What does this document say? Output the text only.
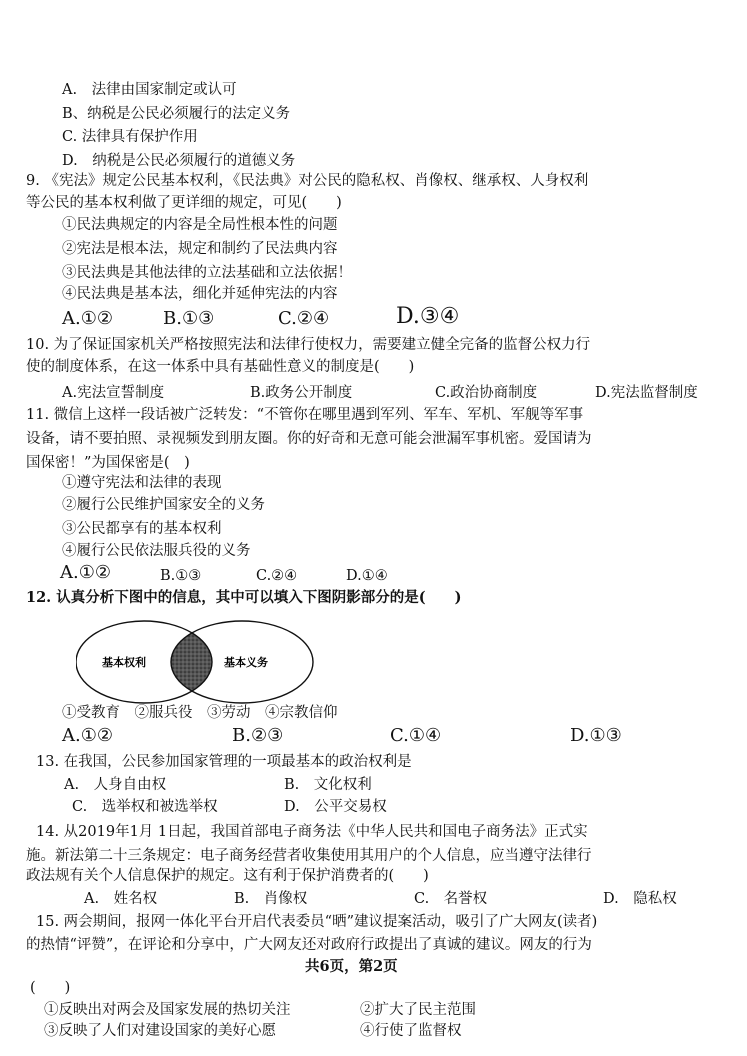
A.　法律由国家制定或认可
B、纳税是公民必须履行的法定义务
C. 法律具有保护作用
D.　纳税是公民必须履行的道德义务
9. 《宪法》规定公民基本权利，《民法典》对公民的隐私权、肖像权、继承权、人身权利
等公民的基本权利做了更详细的规定，可见(　　)
①民法典规定的内容是全局性根本性的问题
②宪法是根本法，规定和制约了民法典内容
③民法典是其他法律的立法基础和立法依据！
④民法典是基本法，细化并延伸宪法的内容
A.①②	B.①③	C.②④	D.③④
10. 为了保证国家机关严格按照宪法和法律行使权力，需要建立健全完备的监督公权力行
使的制度体系，在这一体系中具有基础性意义的制度是(　　)
A.宪法宣誓制度	B.政务公开制度	C.政治协商制度	D.宪法监督制度
11. 微信上这样一段话被广泛转发：“不管你在哪里遇到军列、军车、军机、军舰等军事
设备，请不要拍照、录视频发到朋友圈。你的好奇和无意可能会泄漏军事机密。爱国请为
国保密！”为国保密是(　)
①遵守宪法和法律的表现
②履行公民维护国家安全的义务
③公民都享有的基本权利
④履行公民依法服兵役的义务
A.①②	B.①③	C.②④	D.①④
12. 认真分析下图中的信息，其中可以填入下图阴影部分的是(　　)
基本权利	基本义务
①受教育　②服兵役　③劳动　④宗教信仰
A.①②	B.②③	C.①④	D.①③
13. 在我国，公民参加国家管理的一项最基本的政治权利是
A.　人身自由权	B.　文化权利
C.　选举权和被选举权	D.　公平交易权
14. 从2019年1月 1日起，我国首部电子商务法《中华人民共和国电子商务法》正式实
施。新法第二十三条规定：电子商务经营者收集使用其用户的个人信息，应当遵守法律行
政法规有关个人信息保护的规定。这有利于保护消费者的(　　)
A.　姓名权	B.　肖像权	C.　名誉权	D.　隐私权
15. 两会期间，报网一体化平台开启代表委员“晒”建议提案活动，吸引了广大网友(读者)
的热情“评赞”，在评论和分享中，广大网友还对政府行政提出了真诚的建议。网友的行为
共6页，第2页
(　　)
①反映出对两会及国家发展的热切关注	②扩大了民主范围
③反映了人们对建设国家的美好心愿	④行使了监督权
